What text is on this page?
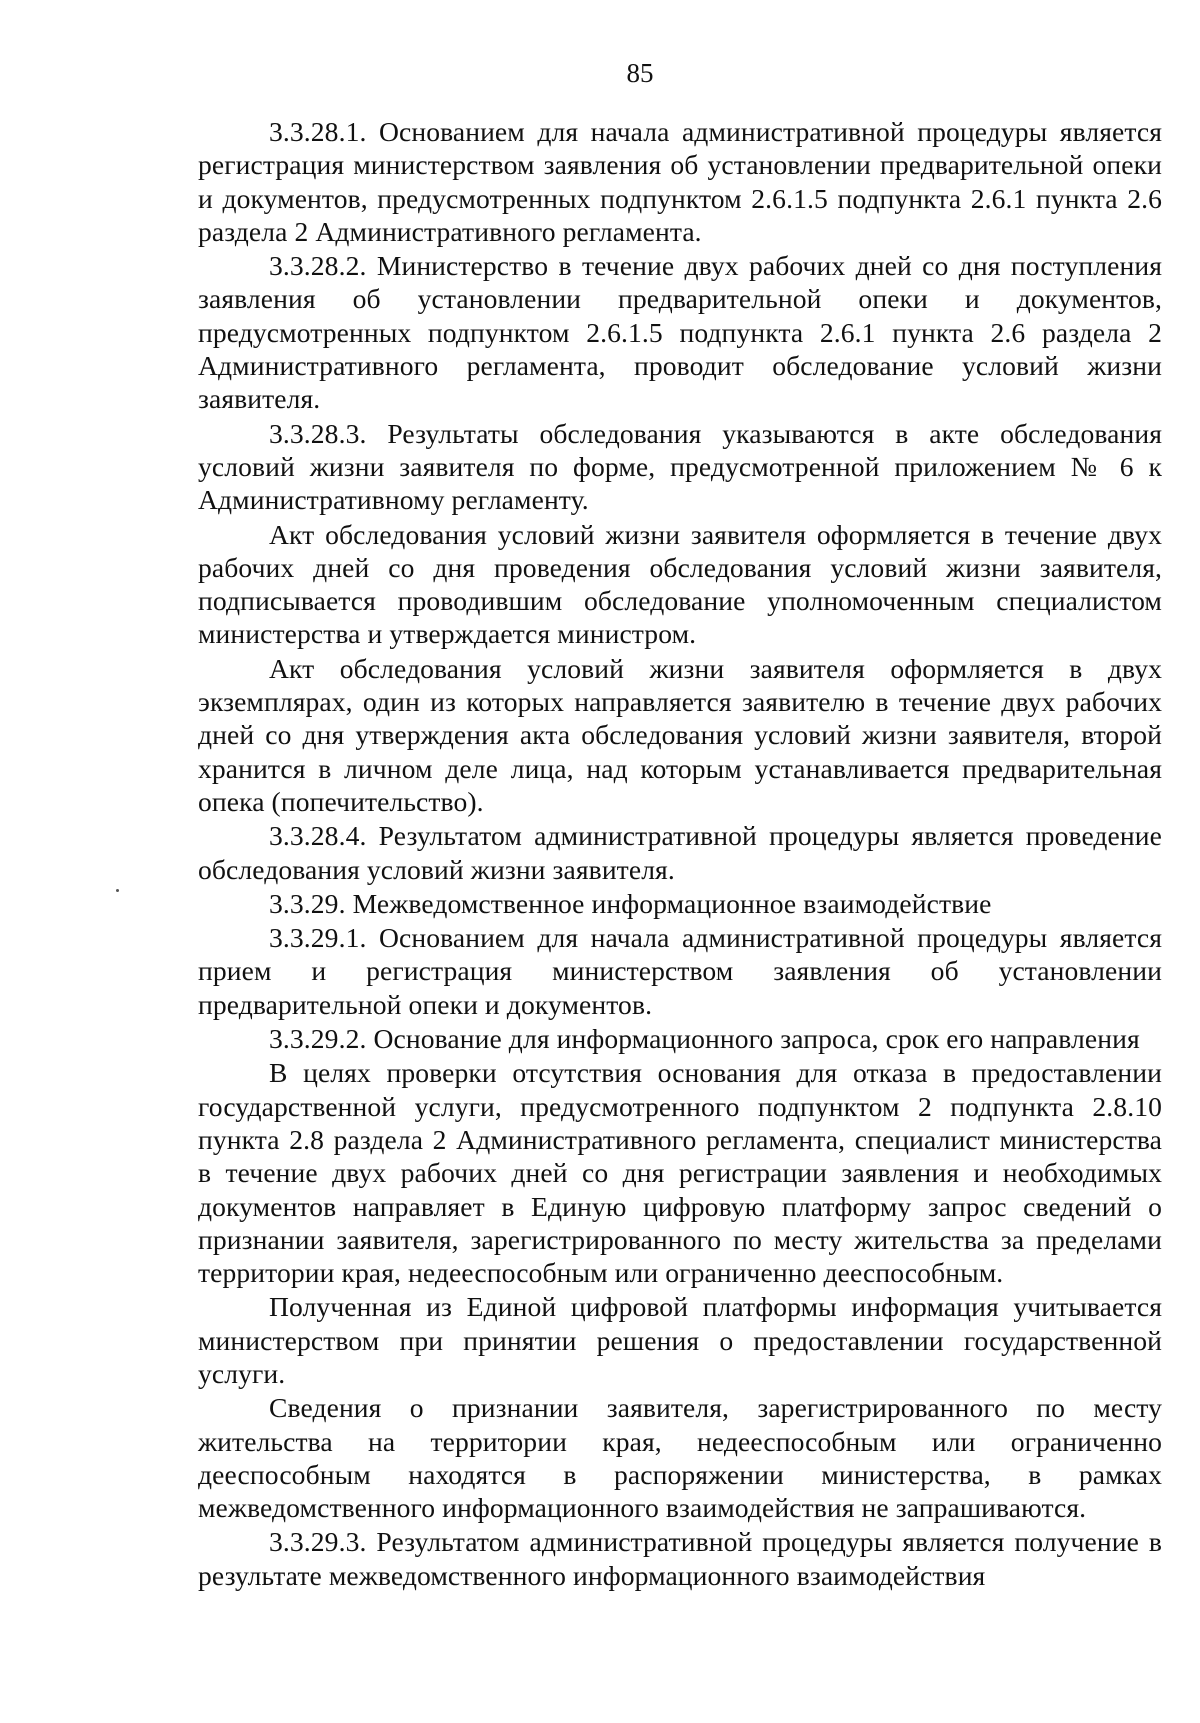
85

3.3.28.1. Основанием для начала административной процедуры является регистрация министерством заявления об установлении предварительной опеки и документов, предусмотренных подпунктом 2.6.1.5 подпункта 2.6.1 пункта 2.6 раздела 2 Административного регламента.

3.3.28.2. Министерство в течение двух рабочих дней со дня поступления заявления об установлении предварительной опеки и документов, предусмотренных подпунктом 2.6.1.5 подпункта 2.6.1 пункта 2.6 раздела 2 Административного регламента, проводит обследование условий жизни заявителя.

3.3.28.3. Результаты обследования указываются в акте обследования условий жизни заявителя по форме, предусмотренной приложением № 6 к Административному регламенту.

Акт обследования условий жизни заявителя оформляется в течение двух рабочих дней со дня проведения обследования условий жизни заявителя, подписывается проводившим обследование уполномоченным специалистом министерства и утверждается министром.

Акт обследования условий жизни заявителя оформляется в двух экземплярах, один из которых направляется заявителю в течение двух рабочих дней со дня утверждения акта обследования условий жизни заявителя, второй хранится в личном деле лица, над которым устанавливается предварительная опека (попечительство).

3.3.28.4. Результатом административной процедуры является проведение обследования условий жизни заявителя.

3.3.29. Межведомственное информационное взаимодействие

3.3.29.1. Основанием для начала административной процедуры является прием и регистрация министерством заявления об установлении предварительной опеки и документов.

3.3.29.2. Основание для информационного запроса, срок его направления

В целях проверки отсутствия основания для отказа в предоставлении государственной услуги, предусмотренного подпунктом 2 подпункта 2.8.10 пункта 2.8 раздела 2 Административного регламента, специалист министерства в течение двух рабочих дней со дня регистрации заявления и необходимых документов направляет в Единую цифровую платформу запрос сведений о признании заявителя, зарегистрированного по месту жительства за пределами территории края, недееспособным или ограниченно дееспособным.

Полученная из Единой цифровой платформы информация учитывается министерством при принятии решения о предоставлении государственной услуги.

Сведения о признании заявителя, зарегистрированного по месту жительства на территории края, недееспособным или ограниченно дееспособным находятся в распоряжении министерства, в рамках межведомственного информационного взаимодействия не запрашиваются.

3.3.29.3. Результатом административной процедуры является получение в результате межведомственного информационного взаимодействия
